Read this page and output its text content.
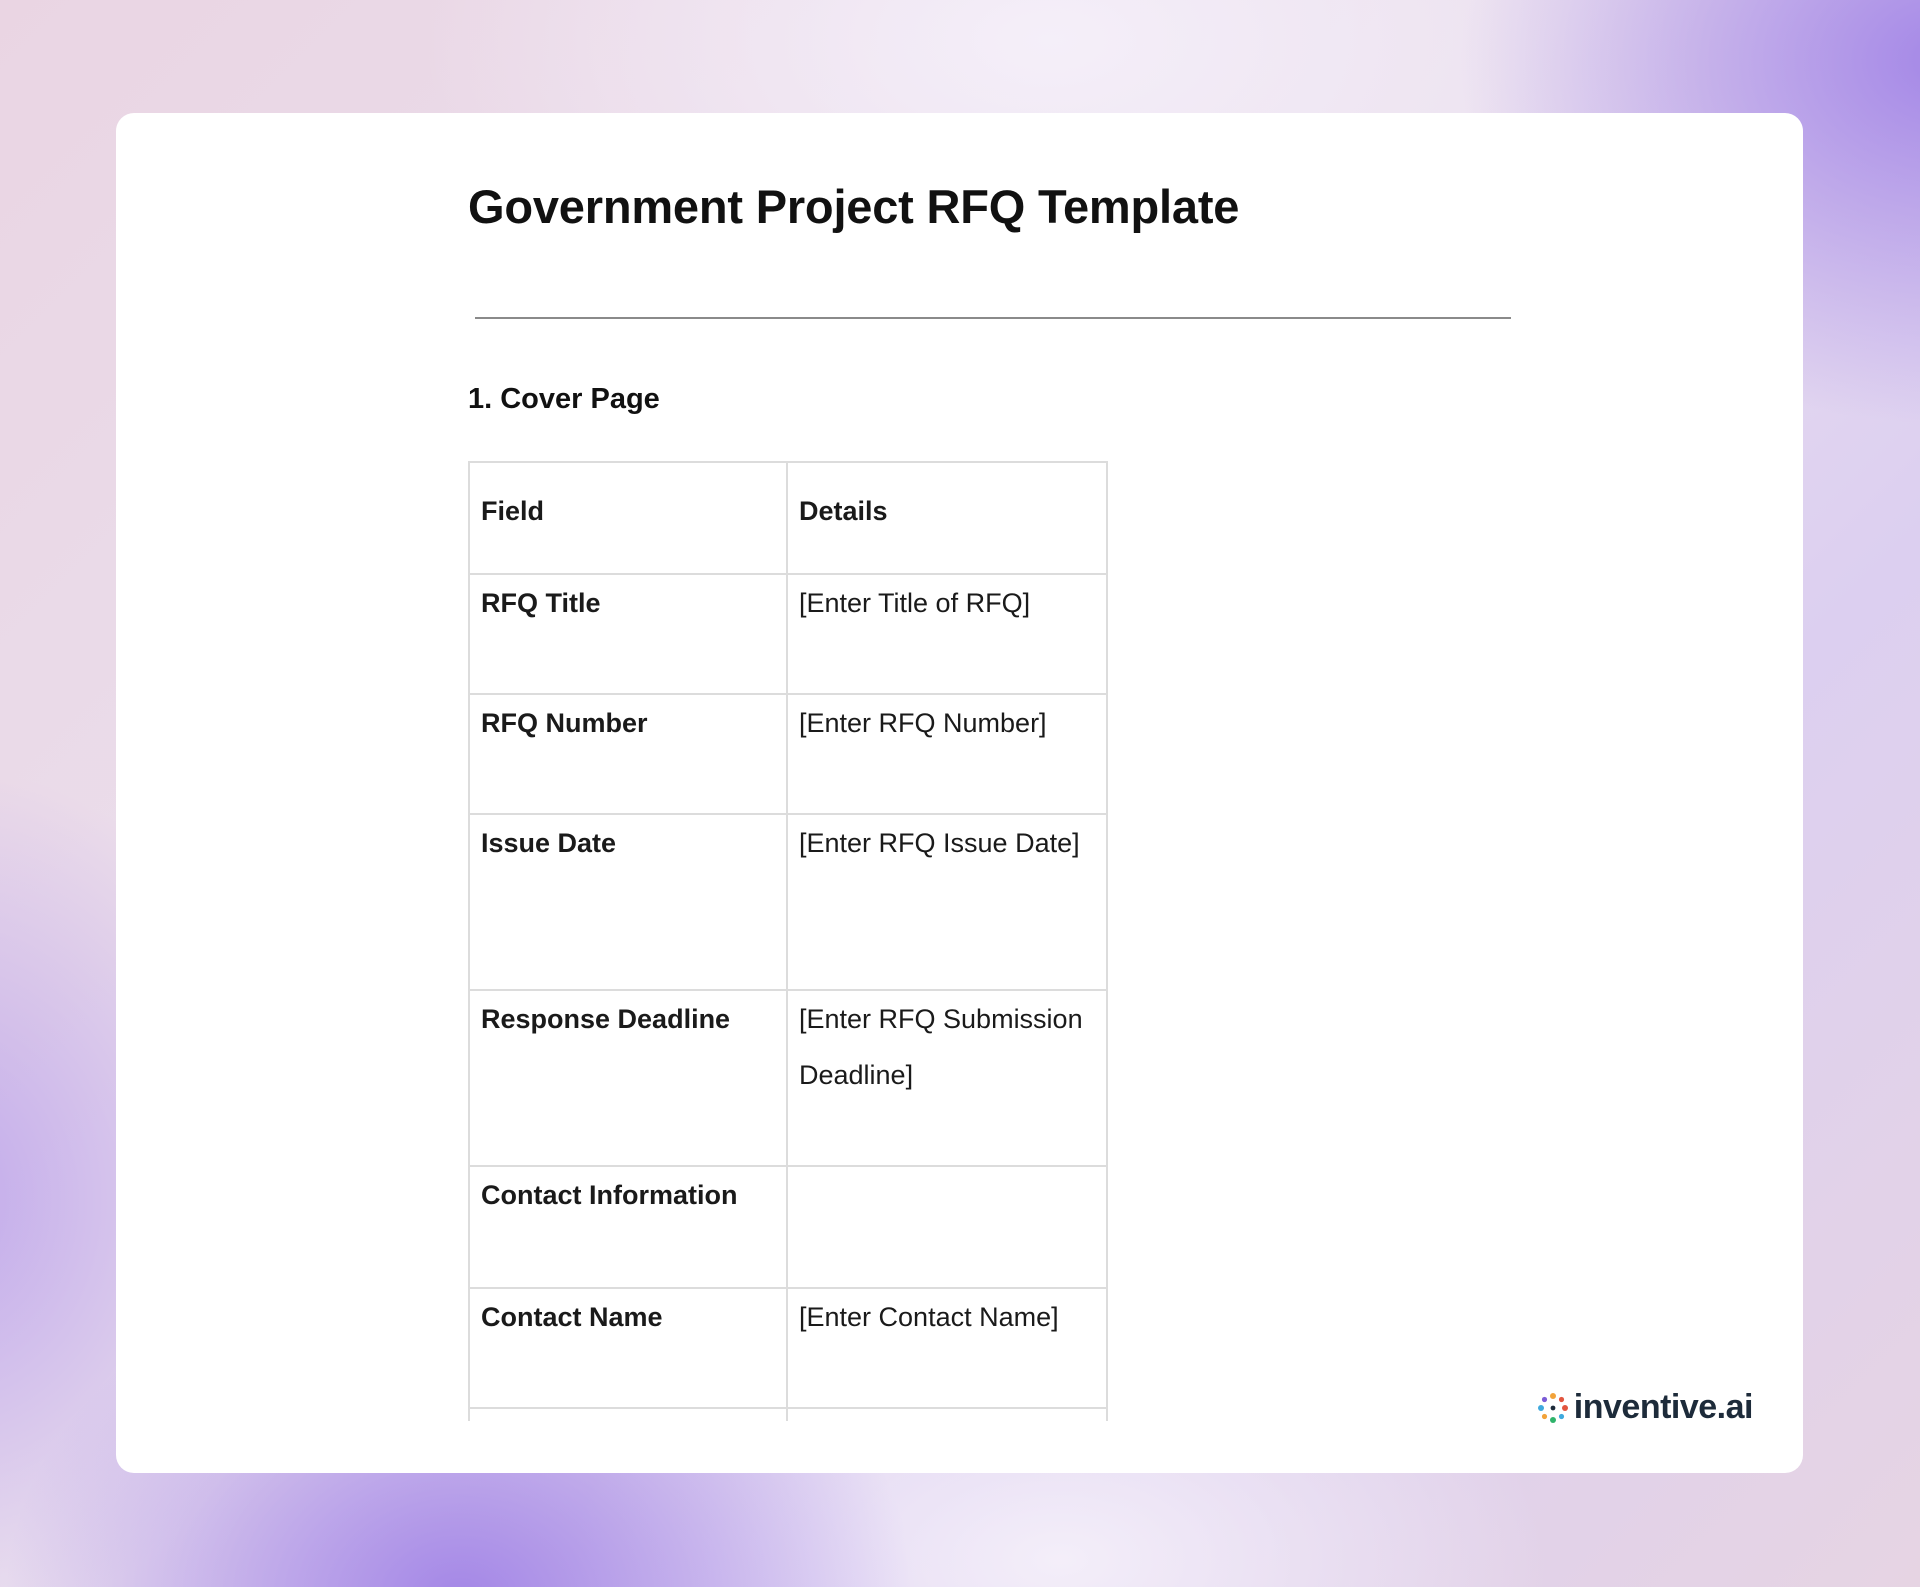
Government Project RFQ Template
1. Cover Page
Field	Details
RFQ Title	[Enter Title of RFQ]
RFQ Number	[Enter RFQ Number]
Issue Date	[Enter RFQ Issue Date]
Response Deadline	[Enter RFQ Submission Deadline]
Contact Information	
Contact Name	[Enter Contact Name]

inventive.ai
